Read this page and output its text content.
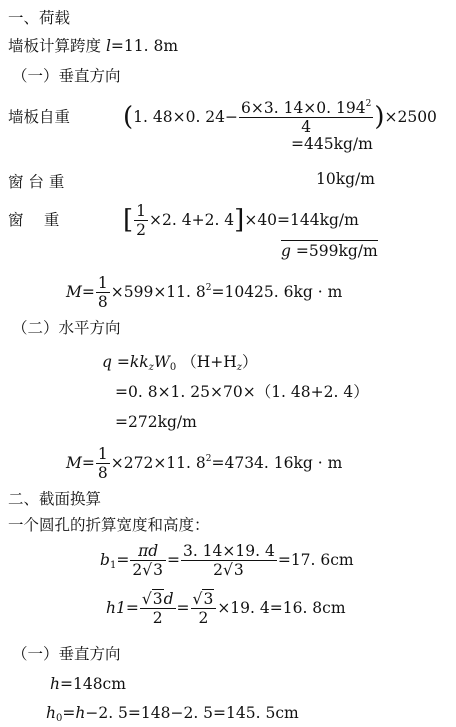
一、荷载
墙板计算跨度 l=11. 8m
（一）垂直方向
墙板自重 (1. 48×0. $24- \frac{6\times 3. 14\times 0. 194^2}{4} )\times 2500$
=445kg/m
窗 台 重	10kg/m
窗　 重 [ $\frac{1}{2} \times 2$. 4+2. 4]×40=144kg/m
g =599kg/m
$M= \frac{1}{8} \times 599\times 11$. $8^2=10425$. 6kg · m
（二）水平方向
$q =kk_zW_0$ $(H+H_z)$
=0. 8×1. 25×70×（1. 48+2. 4）
=272kg/m
$M= \frac{1}{8} \times 272\times 11$. $8^2=4734$. 16kg · m
二、截面换算
一个圆孔的折算宽度和高度：
$b_1= \frac{\pi d}{2√3} = \frac{3. 14\times 19. 4}{2√3} =17$. 6cm
$h1= \frac{√3d}{2} = \frac{√3}{2} \times 19$. 4=16. 8cm
（一）垂直方向
h=148cm
$h_0=h-2$. 5=148−2. 5=145. 5cm
